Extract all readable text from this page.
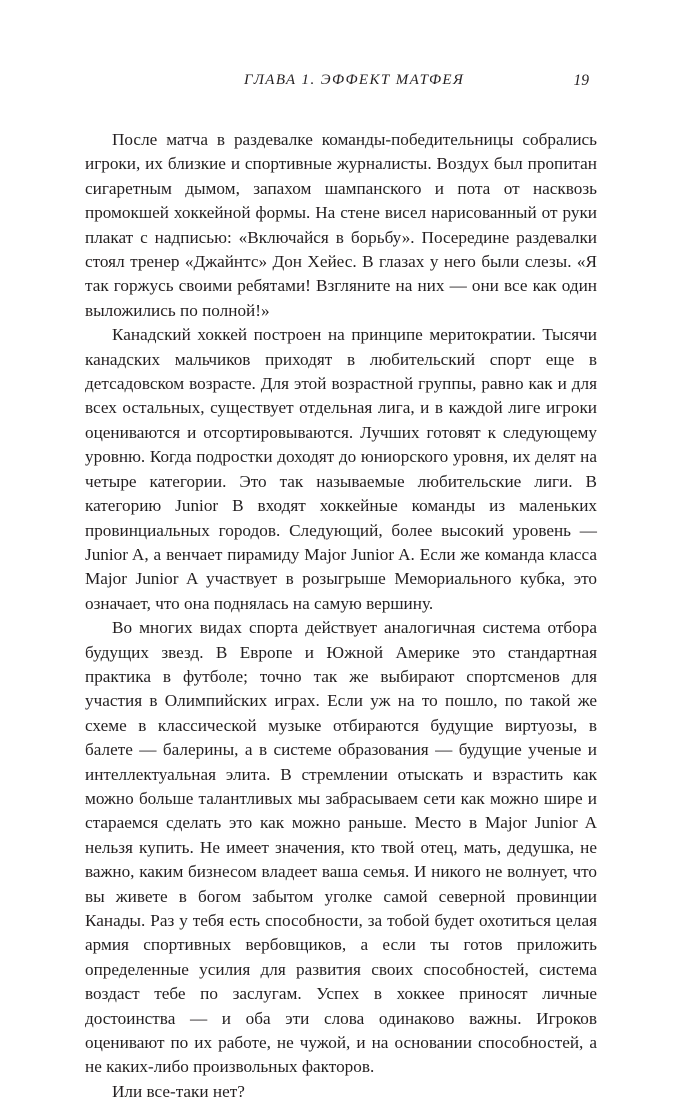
ГЛАВА 1. ЭФФЕКТ МАТФЕЯ	19

После матча в раздевалке команды-победительницы собрались игроки, их близкие и спортивные журналисты. Воздух был пропитан сигаретным дымом, запахом шампанского и пота от насквозь промокшей хоккейной формы. На стене висел нарисованный от руки плакат с надписью: «Включайся в борьбу». Посередине раздевалки стоял тренер «Джайнтс» Дон Хейес. В глазах у него были слезы. «Я так горжусь своими ребятами! Взгляните на них — они все как один выложились по полной!»

Канадский хоккей построен на принципе меритократии. Тысячи канадских мальчиков приходят в любительский спорт еще в детсадовском возрасте. Для этой возрастной группы, равно как и для всех остальных, существует отдельная лига, и в каждой лиге игроки оцениваются и отсортировываются. Лучших готовят к следующему уровню. Когда подростки доходят до юниорского уровня, их делят на четыре категории. Это так называемые любительские лиги. В категорию Junior B входят хоккейные команды из маленьких провинциальных городов. Следующий, более высокий уровень — Junior A, а венчает пирамиду Major Junior A. Если же команда класса Major Junior A участвует в розыгрыше Мемориального кубка, это означает, что она поднялась на самую вершину.

Во многих видах спорта действует аналогичная система отбора будущих звезд. В Европе и Южной Америке это стандартная практика в футболе; точно так же выбирают спортсменов для участия в Олимпийских играх. Если уж на то пошло, по такой же схеме в классической музыке отбираются будущие виртуозы, в балете — балерины, а в системе образования — будущие ученые и интеллектуальная элита. В стремлении отыскать и взрастить как можно больше талантливых мы забрасываем сети как можно шире и стараемся сделать это как можно раньше. Место в Major Junior A нельзя купить. Не имеет значения, кто твой отец, мать, дедушка, не важно, каким бизнесом владеет ваша семья. И никого не волнует, что вы живете в богом забытом уголке самой северной провинции Канады. Раз у тебя есть способности, за тобой будет охотиться целая армия спортивных вербовщиков, а если ты готов приложить определенные усилия для развития своих способностей, система воздаст тебе по заслугам. Успех в хоккее приносят личные достоинства — и оба эти слова одинаково важны. Игроков оценивают по их работе, не чужой, и на основании способностей, а не каких-либо произвольных факторов.

Или все-таки нет?
